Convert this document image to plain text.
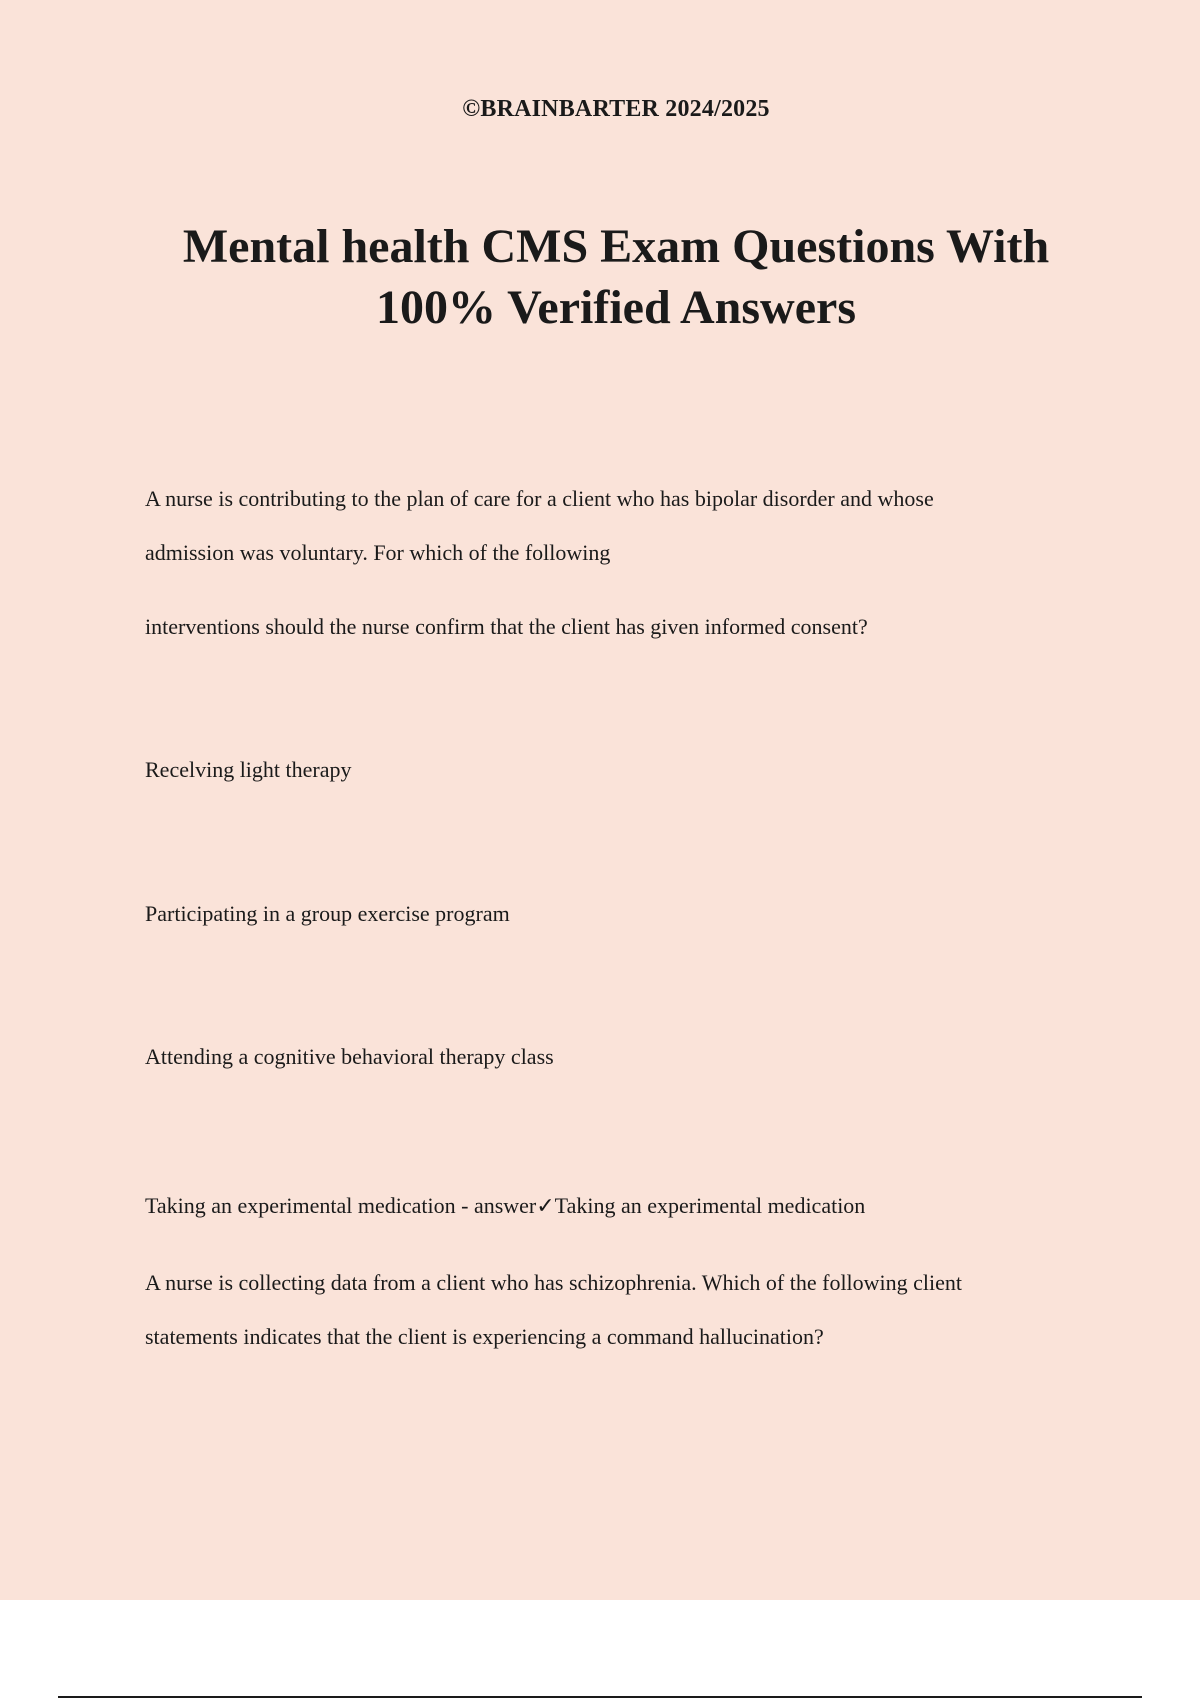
©BRAINBARTER 2024/2025
Mental health CMS Exam Questions With
100% Verified Answers

A nurse is contributing to the plan of care for a client who has bipolar disorder and whose
admission was voluntary. For which of the following

interventions should the nurse confirm that the client has given informed consent?

Recelving light therapy

Participating in a group exercise program

Attending a cognitive behavioral therapy class

Taking an experimental medication - answer✓Taking an experimental medication

A nurse is collecting data from a client who has schizophrenia. Which of the following client
statements indicates that the client is experiencing a command hallucination?
